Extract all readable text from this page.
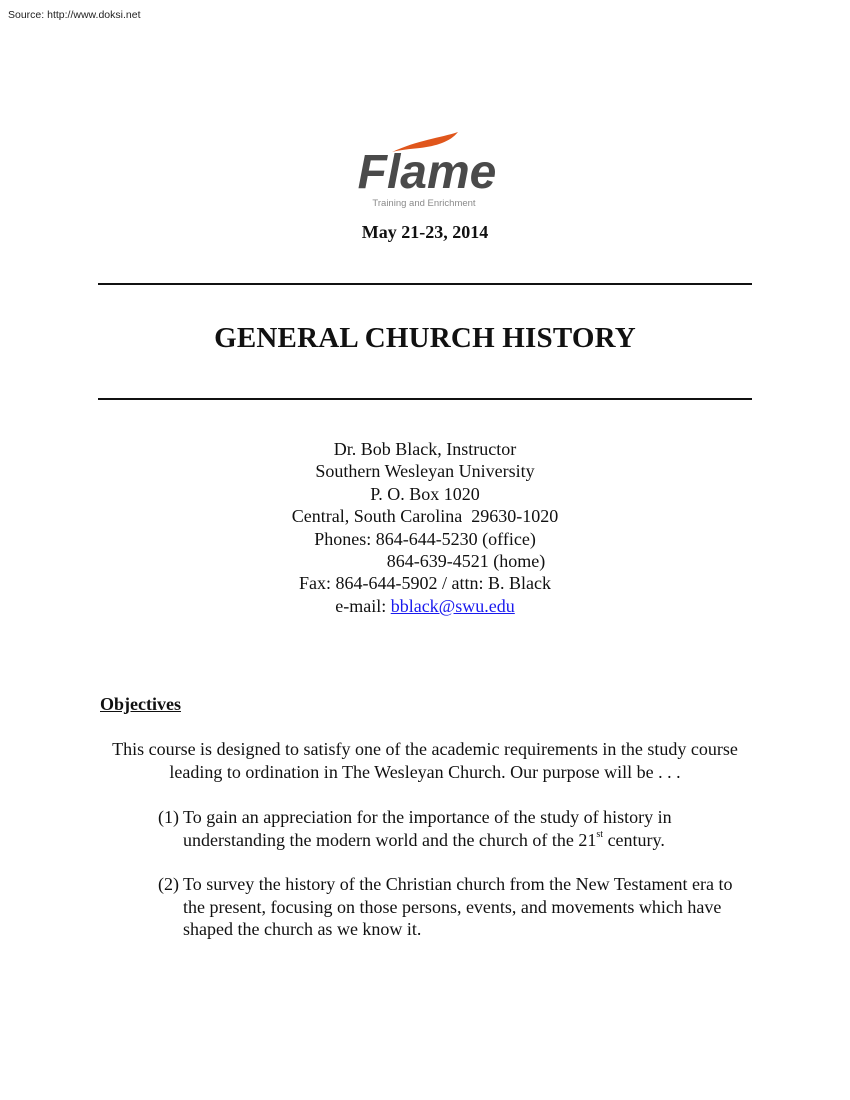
Source: http://www.doksi.net
Flame
Training and Enrichment
May 21-23, 2014
GENERAL CHURCH HISTORY
Dr. Bob Black, Instructor
Southern Wesleyan University
P. O. Box 1020
Central, South Carolina  29630-1020
Phones: 864-644-5230 (office)
864-639-4521 (home)
Fax: 864-644-5902 / attn: B. Black
e-mail: bblack@swu.edu
Objectives
This course is designed to satisfy one of the academic requirements in the study course leading to ordination in The Wesleyan Church. Our purpose will be . . .
(1) To gain an appreciation for the importance of the study of history in understanding the modern world and the church of the 21st century.
(2) To survey the history of the Christian church from the New Testament era to the present, focusing on those persons, events, and movements which have shaped the church as we know it.
